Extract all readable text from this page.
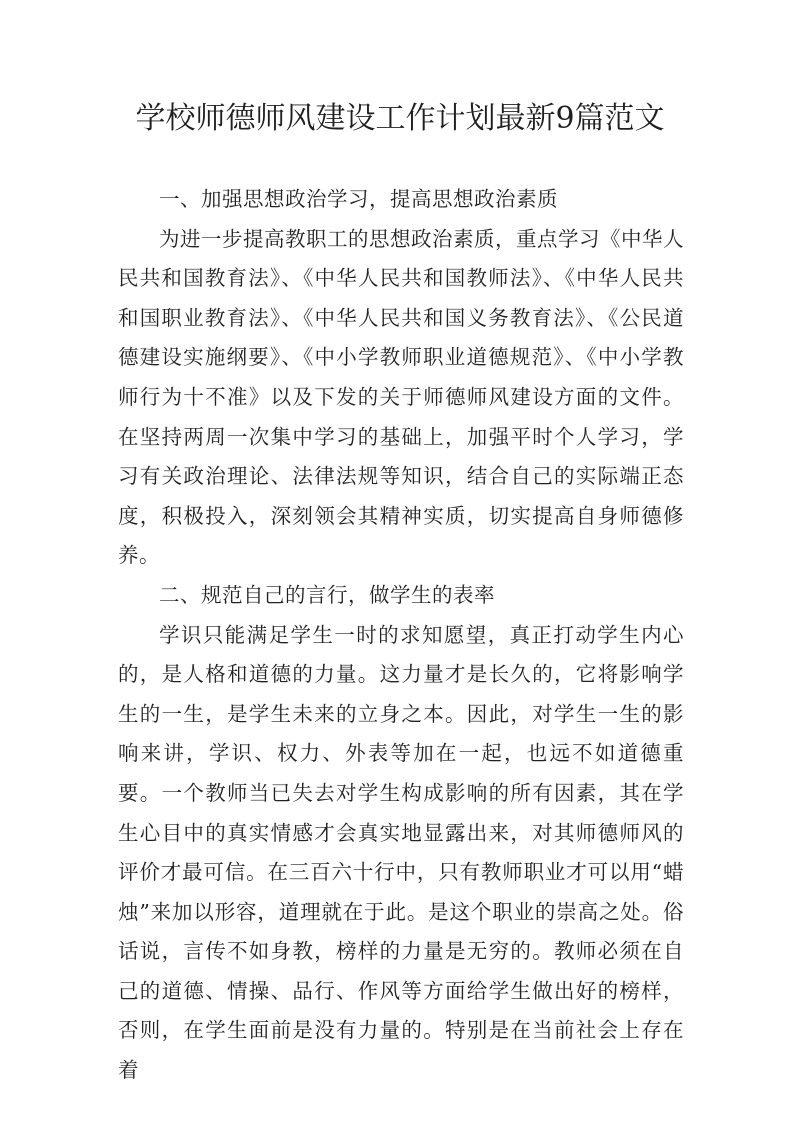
学校师德师风建设工作计划最新9篇范文

一、加强思想政治学习，提高思想政治素质

为进一步提高教职工的思想政治素质，重点学习《中华人民共和国教育法》、《中华人民共和国教师法》、《中华人民共和国职业教育法》、《中华人民共和国义务教育法》、《公民道德建设实施纲要》、《中小学教师职业道德规范》、《中小学教师行为十不准》以及下发的关于师德师风建设方面的文件。在坚持两周一次集中学习的基础上，加强平时个人学习，学习有关政治理论、法律法规等知识，结合自己的实际端正态度，积极投入，深刻领会其精神实质，切实提高自身师德修养。

二、规范自己的言行，做学生的表率

学识只能满足学生一时的求知愿望，真正打动学生内心的，是人格和道德的力量。这力量才是长久的，它将影响学生的一生，是学生未来的立身之本。因此，对学生一生的影响来讲，学识、权力、外表等加在一起，也远不如道德重要。一个教师当已失去对学生构成影响的所有因素，其在学生心目中的真实情感才会真实地显露出来，对其师德师风的评价才最可信。在三百六十行中，只有教师职业才可以用“蜡烛”来加以形容，道理就在于此。是这个职业的崇高之处。俗话说，言传不如身教，榜样的力量是无穷的。教师必须在自己的道德、情操、品行、作风等方面给学生做出好的榜样，否则，在学生面前是没有力量的。特别是在当前社会上存在着
